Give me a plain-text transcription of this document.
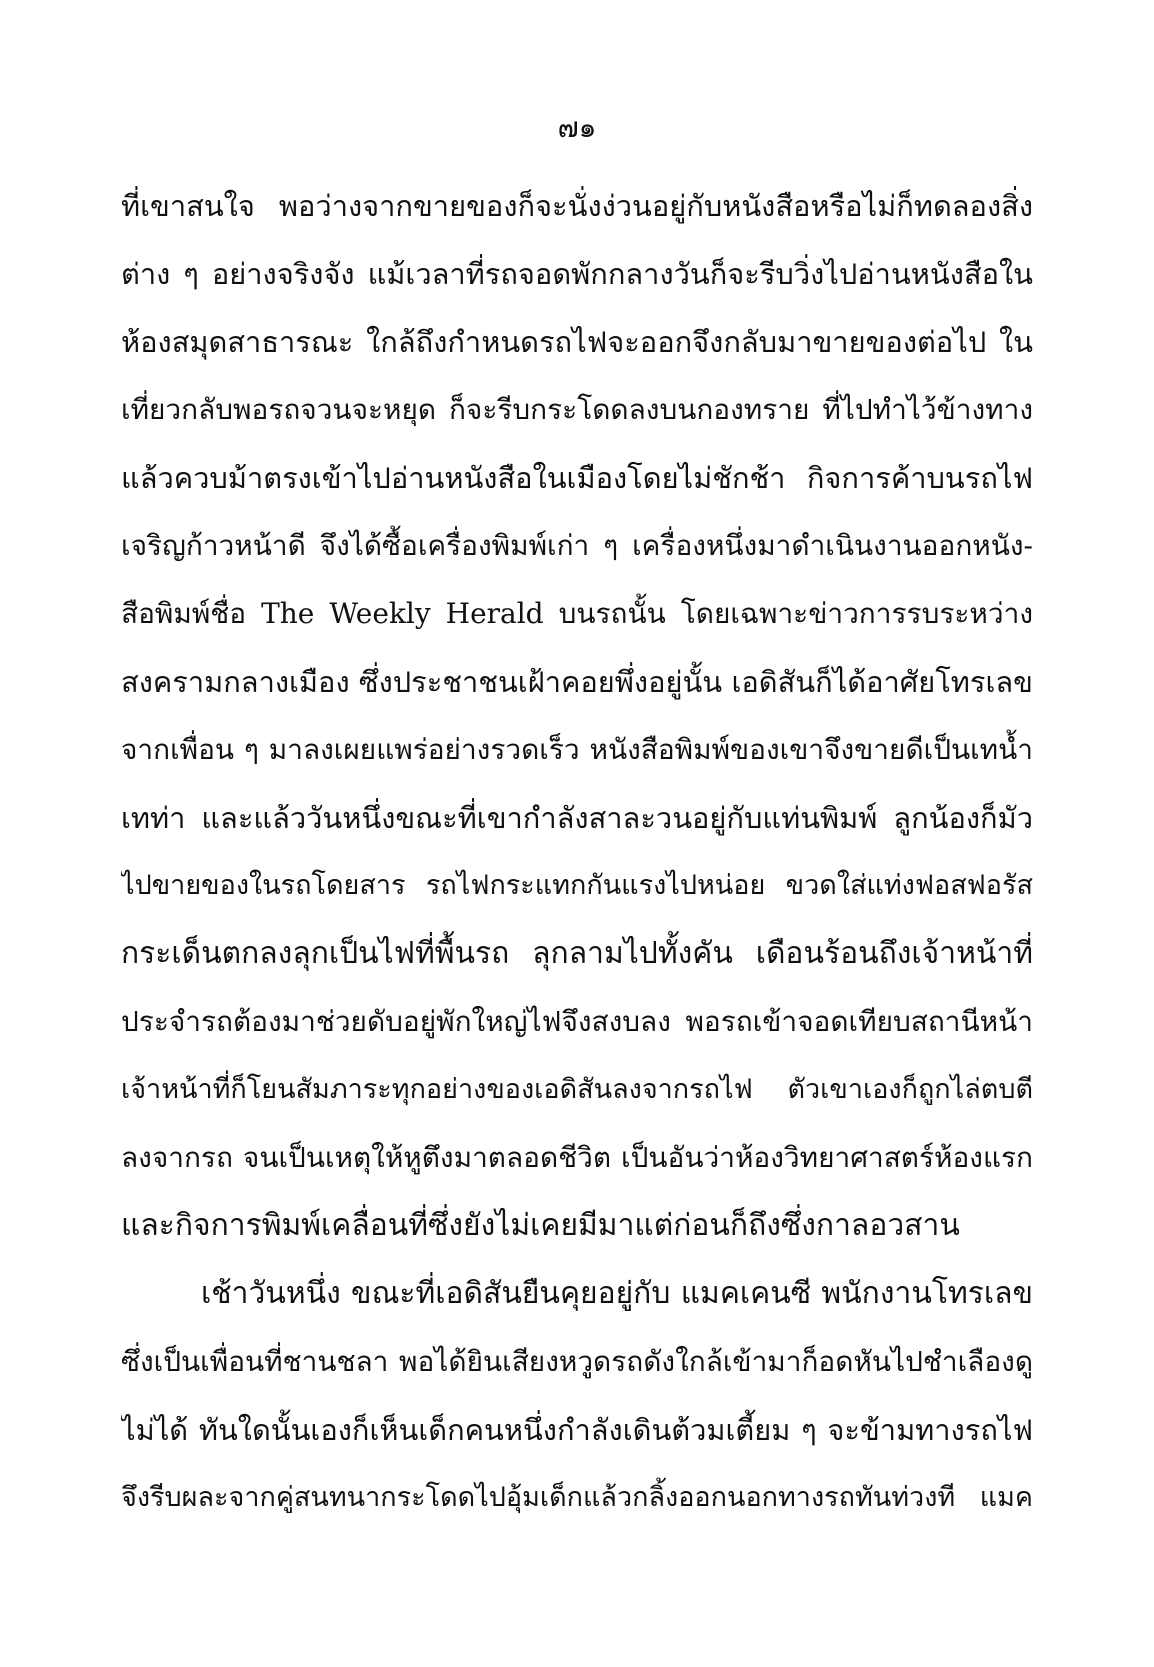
๗๑
ที่เขาสนใจ พอว่างจากขายของก็จะนั่งง่วนอยู่กับหนังสือหรือไม่ก็ทดลองสิ่ง
ต่าง ๆ อย่างจริงจัง แม้เวลาที่รถจอดพักกลางวันก็จะรีบวิ่งไปอ่านหนังสือใน
ห้องสมุดสาธารณะ ใกล้ถึงกำหนดรถไฟจะออกจึงกลับมาขายของต่อไป ใน
เที่ยวกลับพอรถจวนจะหยุด ก็จะรีบกระโดดลงบนกองทราย ที่ไปทำไว้ข้างทาง
แล้วควบม้าตรงเข้าไปอ่านหนังสือในเมืองโดยไม่ชักช้า กิจการค้าบนรถไฟ
เจริญก้าวหน้าดี จึงได้ซื้อเครื่องพิมพ์เก่า ๆ เครื่องหนึ่งมาดำเนินงานออกหนัง-
สือพิมพ์ชื่อ The Weekly Herald บนรถนั้น โดยเฉพาะข่าวการรบระหว่าง
สงครามกลางเมือง ซึ่งประชาชนเฝ้าคอยพึ่งอยู่นั้น เอดิสันก็ได้อาศัยโทรเลข
จากเพื่อน ๆ มาลงเผยแพร่อย่างรวดเร็ว หนังสือพิมพ์ของเขาจึงขายดีเป็นเทน้ำ
เทท่า และแล้ววันหนึ่งขณะที่เขากำลังสาละวนอยู่กับแท่นพิมพ์ ลูกน้องก็มัว
ไปขายของในรถโดยสาร รถไฟกระแทกกันแรงไปหน่อย ขวดใส่แท่งฟอสฟอรัส
กระเด็นตกลงลุกเป็นไฟที่พื้นรถ ลุกลามไปทั้งคัน เดือนร้อนถึงเจ้าหน้าที่
ประจำรถต้องมาช่วยดับอยู่พักใหญ่ไฟจึงสงบลง พอรถเข้าจอดเทียบสถานีหน้า
เจ้าหน้าที่ก็โยนสัมภาระทุกอย่างของเอดิสันลงจากรถไฟ ตัวเขาเองก็ถูกไล่ตบตี
ลงจากรถ จนเป็นเหตุให้หูตึงมาตลอดชีวิต เป็นอันว่าห้องวิทยาศาสตร์ห้องแรก
และกิจการพิมพ์เคลื่อนที่ซึ่งยังไม่เคยมีมาแต่ก่อนก็ถึงซึ่งกาลอวสาน
เช้าวันหนึ่ง ขณะที่เอดิสันยืนคุยอยู่กับ แมคเคนซี พนักงานโทรเลข
ซึ่งเป็นเพื่อนที่ชานชลา พอได้ยินเสียงหวูดรถดังใกล้เข้ามาก็อดหันไปชำเลืองดู
ไม่ได้ ทันใดนั้นเองก็เห็นเด็กคนหนึ่งกำลังเดินต้วมเตี้ยม ๆ จะข้ามทางรถไฟ
จึงรีบผละจากคู่สนทนากระโดดไปอุ้มเด็กแล้วกลิ้งออกนอกทางรถทันท่วงที แมค
